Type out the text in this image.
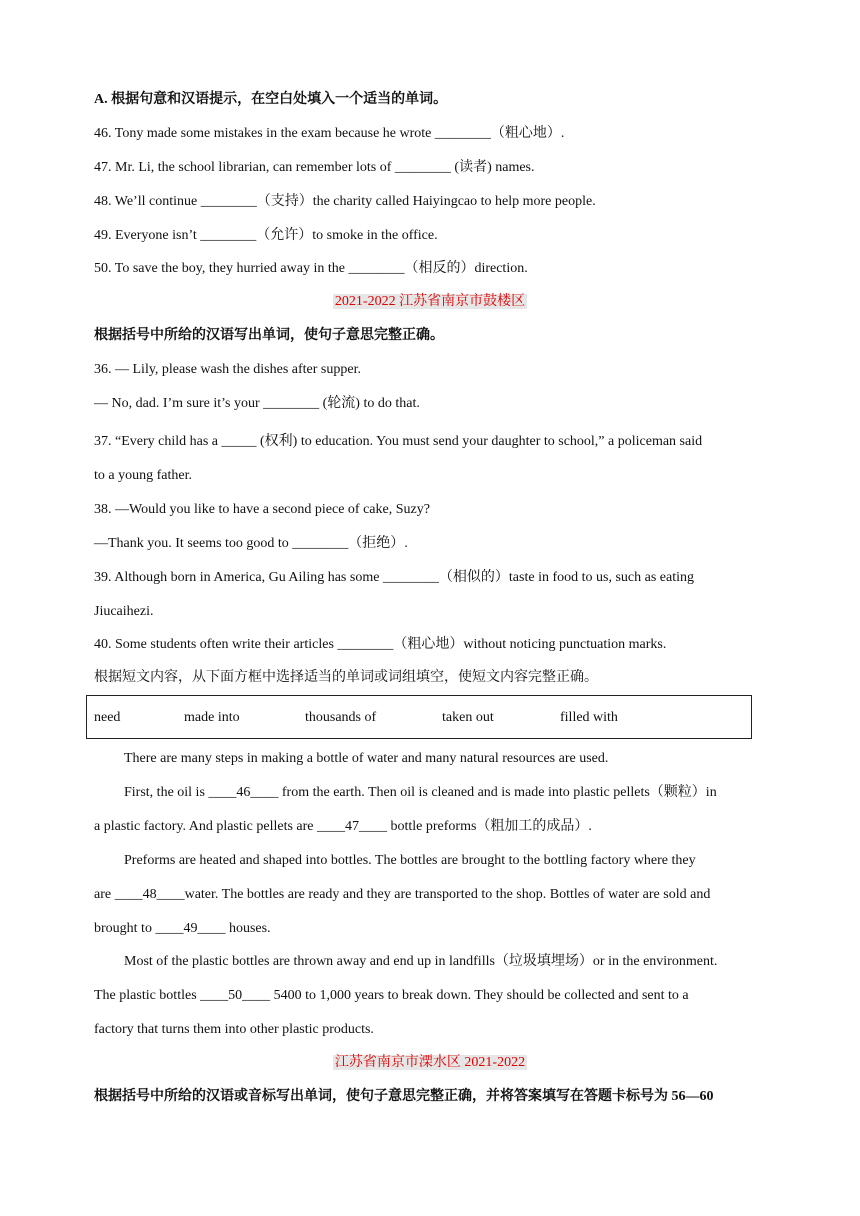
A. 根据句意和汉语提示，在空白处填入一个适当的单词。
46. Tony made some mistakes in the exam because he wrote ________（粗心地）.
47. Mr. Li, the school librarian, can remember lots of ________ (读者) names.
48. We’ll continue ________（支持）the charity called Haiyingcao to help more people.
49. Everyone isn’t ________（允许）to smoke in the office.
50. To save the boy, they hurried away in the ________（相反的）direction.
2021-2022 江苏省南京市鼓楼区
根据括号中所给的汉语写出单词，使句子意思完整正确。
36. — Lily, please wash the dishes after supper.
— No, dad. I’m sure it’s your ________ (轮流) to do that.
37. “Every child has a _____ (权利) to education. You must send your daughter to school,” a policeman said
to a young father.
38. —Would you like to have a second piece of cake, Suzy?
—Thank you. It seems too good to ________（拒绝）.
39. Although born in America, Gu Ailing has some ________（相似的）taste in food to us, such as eating
Jiucaihezi.
40. Some students often write their articles ________（粗心地）without noticing punctuation marks.
根据短文内容，从下面方框中选择适当的单词或词组填空，使短文内容完整正确。
need	made into	thousands of	taken out	filled with
There are many steps in making a bottle of water and many natural resources are used.
First, the oil is ____46____ from the earth. Then oil is cleaned and is made into plastic pellets（颗粒）in
a plastic factory. And plastic pellets are ____47____ bottle preforms（粗加工的成品）.
Preforms are heated and shaped into bottles. The bottles are brought to the bottling factory where they
are ____48____water. The bottles are ready and they are transported to the shop. Bottles of water are sold and
brought to ____49____ houses.
Most of the plastic bottles are thrown away and end up in landfills（垃圾填埋场）or in the environment.
The plastic bottles ____50____ 5400 to 1,000 years to break down. They should be collected and sent to a
factory that turns them into other plastic products.
江苏省南京市溧水区 2021-2022
根据括号中所给的汉语或音标写出单词，使句子意思完整正确，并将答案填写在答题卡标号为 56—60
